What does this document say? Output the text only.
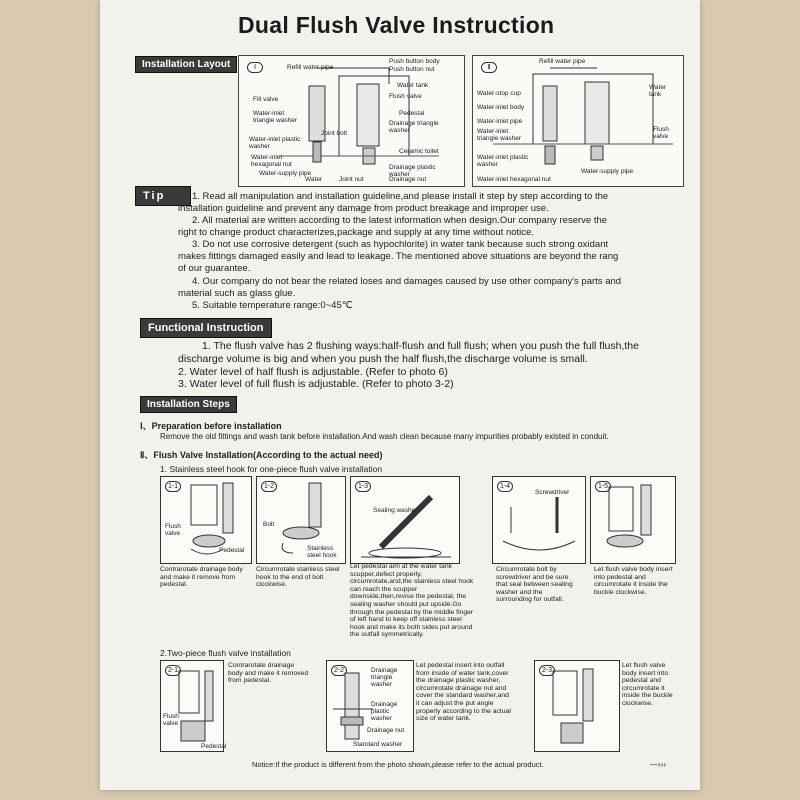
Dual Flush Valve Instruction
Installation Layout	Ⅰ	Refill water pipe
Push button body
Push button nut
Water tank
Flush valve
Fill valve
Water-inlet triangle washer
Pedestal
Drainage triangle washer
Water-inlet plastic washer
Joint bolt
Ceramic toilet
Water-inlet hexagonal nut	Drainage plastic washer
Water-supply pipe
Water	Joint nut	Drainage nut
Ⅱ
Refill water pipe
Water tank
Water-stop cup
Water-inlet body
Water-inlet pipe
Water-inlet triangle washer
Flush valve
Water-inlet plastic washer
Water-supply pipe
Water-inlet hexagonal nut
Tip	1. Read all manipulation and installation guideline,and please install it step by step according to the
installation guideline and prevent any damage from product breakage and improper use.
2. All material are written according to the latest information when design.Our company reserve the
right to change product characterizes,package and supply at any time without notice.
3. Do not use corrosive detergent (such as hypochlorite) in water tank because such strong oxidant
makes fittings damaged easily and lead to leakage. The mentioned above situations are beyond the rang
of our guarantee.
4. Our company do not bear the related loses and damages caused by use other company's parts and
material such as glass glue.
5. Suitable temperature range:0~45℃
Functional Instruction
1. The flush valve has 2 flushing ways:half-flush and full flush; when you push the full flush,the
discharge volume is big and when you push the half flush,the discharge volume is small.
2. Water level of half flush is adjustable. (Refer to photo 6)
3. Water level of full flush is adjustable. (Refer to photo 3-2)
Installation Steps
Ⅰ、Preparation before installation
Remove the old fittings and wash tank before installation.And wash clean because many impurities probably existed in conduit.
Ⅱ、Flush Valve Installation(According to the actual need)
1. Stainless steel hook for one-piece flush valve installation
1-1
Flush valve
Pedestal
Contrarotate drainage body and make it remove from pedestal.
1-2
Bolt
Stainless steel hook
Circumrotate stainless steel hook to the end of bolt clockwise.
1-3
Sealing washer
Let pedestal aim at the water tank scupper,defect properly, circumrotate,and,the stainless steel hook can reach the scupper downside,then,revise the pedestal, the sealing washer should put upside.Go through the pedestal by the middle finger of left hand to keep off stainless steel hook and make its both sides put around the outfall symmetrically.
1-4
Screwdriver
Circumrotate bolt by screwdriver and be sure that seal between sealing washer and the surrounding for outfall.
1-5
Let flush valve body insert into pedestal and circumrotate it inside the buckle clockwise.
2.Two-piece flush valve installation
2-1
Flush valve
Pedestal
Contrarotate drainage body and make it removed from pedestal.
2-2	Drainage triangle washer
Drainage plastic washer
Drainage nut
Standard washer
Let pedestal insert into outfall from inside of water tank,cover the drainage plastic washer, circumrotate drainage nut and cover the standard washer,and it can adjust the put angle properly according to the actual size of water tank.
2-3
Let flush valve body insert into pedestal and circumrotate it inside the buckle clockwise.
Notice:If the product is different from the photo shown,please refer to the actual product.	—›››
